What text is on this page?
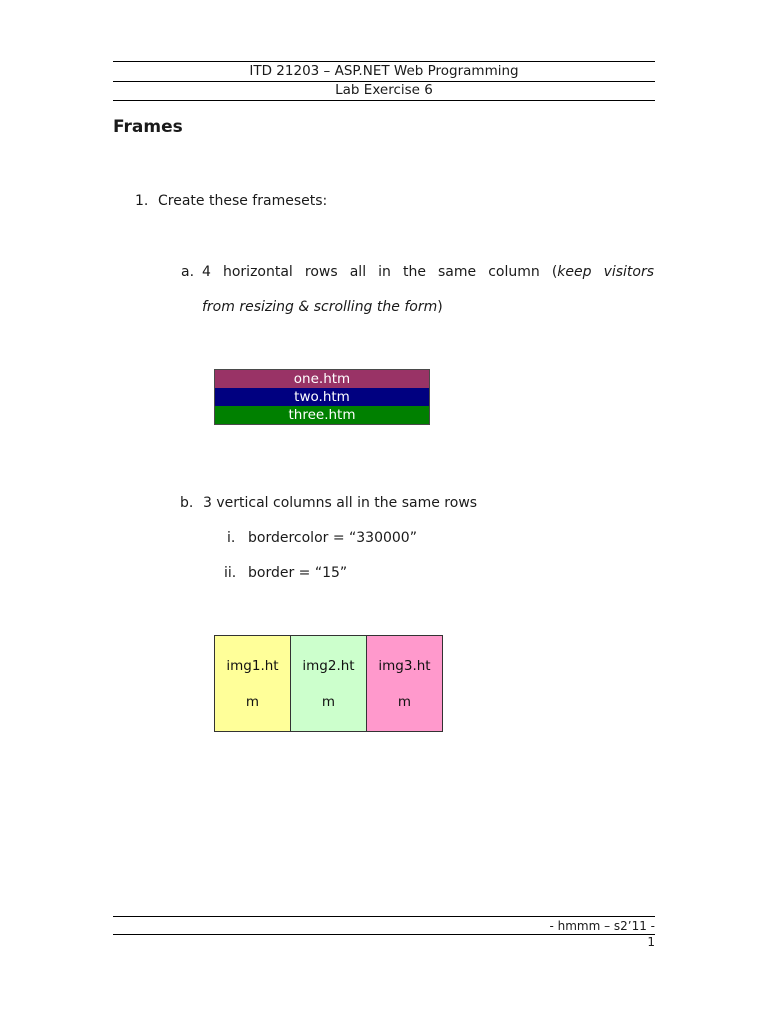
ITD 21203 – ASP.NET Web Programming
Lab Exercise 6
Frames
1. Create these framesets:
a. 4 horizontal rows all in the same column (keep visitors
from resizing & scrolling the form)
one.htm
two.htm
three.htm
b. 3 vertical columns all in the same rows
i. bordercolor = “330000”
ii. border = “15”
img1.ht
m
img2.ht
m
img3.ht
m
- hmmm – s2’11 -
1
